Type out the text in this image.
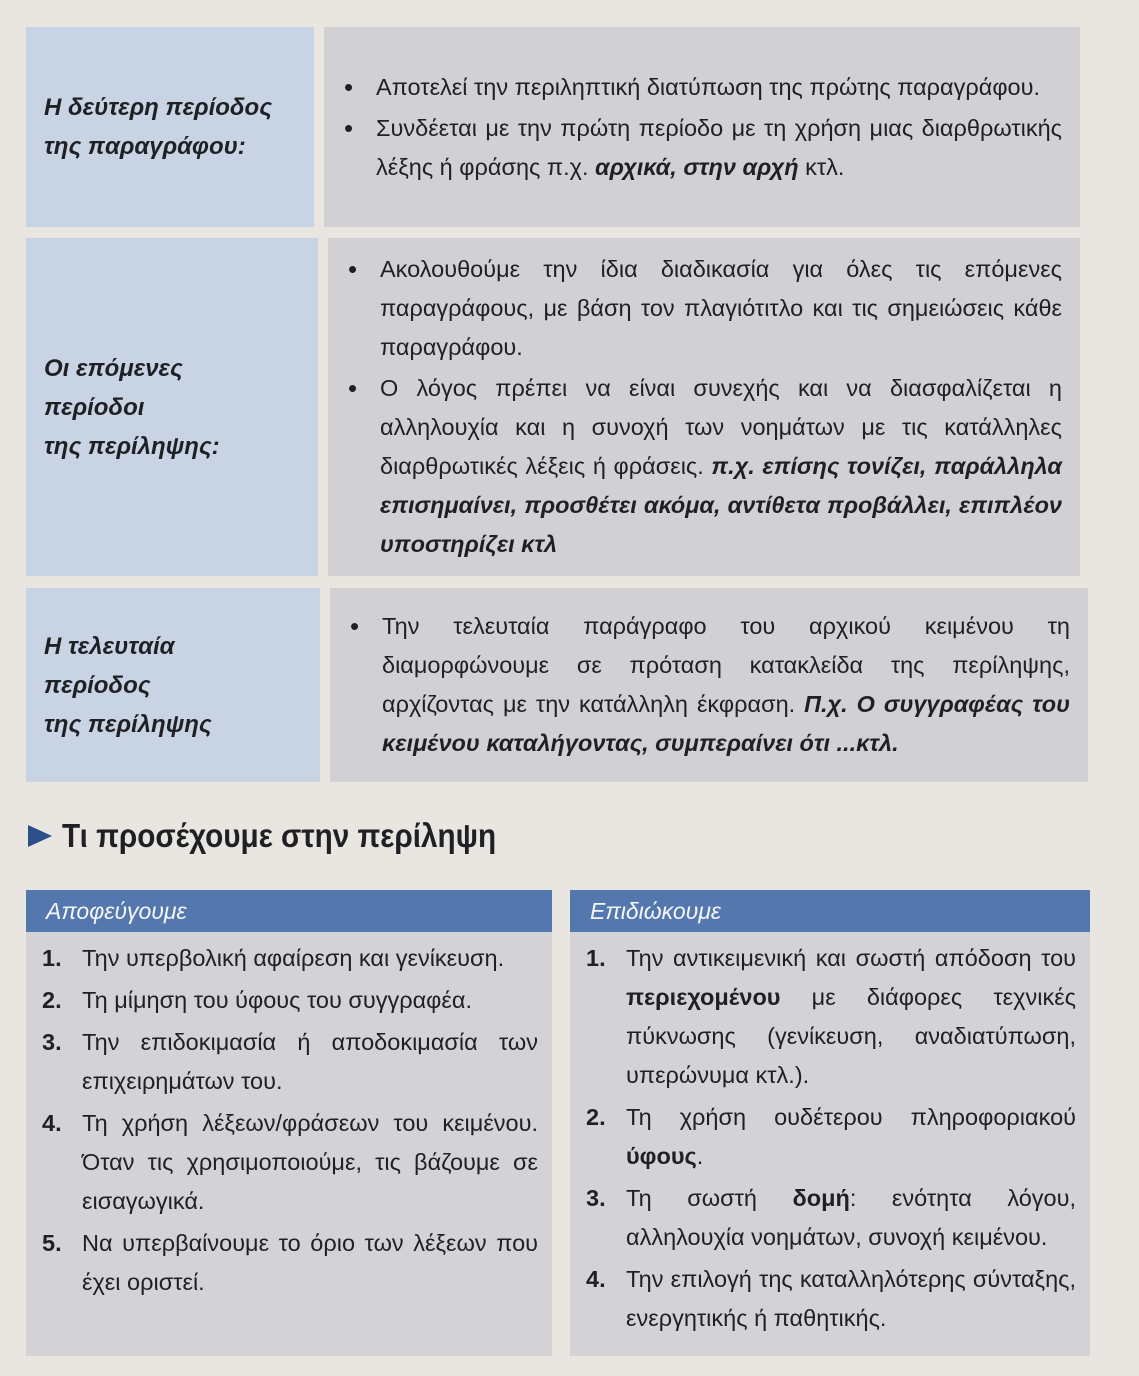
Η δεύτερη περίοδος
της παραγράφου:
• Αποτελεί την περιληπτική διατύπωση της πρώτης παραγράφου.
• Συνδέεται με την πρώτη περίοδο με τη χρήση μιας διαρθρωτικής λέξης ή φράσης π.χ. αρχικά, στην αρχή κτλ.
Οι επόμενες
περίοδοι
της περίληψης:
• Ακολουθούμε την ίδια διαδικασία για όλες τις επόμενες παραγράφους, με βάση τον πλαγιότιτλο και τις σημειώσεις κάθε παραγράφου.
• Ο λόγος πρέπει να είναι συνεχής και να διασφαλίζεται η αλληλουχία και η συνοχή των νοημάτων με τις κατάλληλες διαρθρωτικές λέξεις ή φράσεις. π.χ. επίσης τονίζει, παράλληλα επισημαίνει, προσθέτει ακόμα, αντίθετα προβάλλει, επιπλέον υποστηρίζει κτλ
Η τελευταία
περίοδος
της περίληψης
• Την τελευταία παράγραφο του αρχικού κειμένου τη διαμορφώνουμε σε πρόταση κατακλείδα της περίληψης, αρχίζοντας με την κατάλληλη έκφραση. Π.χ. Ο συγγραφέας του κειμένου καταλήγοντας, συμπεραίνει ότι ...κτλ.
Τι προσέχουμε στην περίληψη
Αποφεύγουμε
1. Την υπερβολική αφαίρεση και γενίκευση.
2. Τη μίμηση του ύφους του συγγραφέα.
3. Την επιδοκιμασία ή αποδοκιμασία των επιχειρημάτων του.
4. Τη χρήση λέξεων/φράσεων του κειμένου. Όταν τις χρησιμοποιούμε, τις βάζουμε σε εισαγωγικά.
5. Να υπερβαίνουμε το όριο των λέξεων που έχει οριστεί.
Επιδιώκουμε
1. Την αντικειμενική και σωστή απόδοση του περιεχομένου με διάφορες τεχνικές πύκνωσης (γενίκευση, αναδιατύπωση, υπερώνυμα κτλ.).
2. Τη χρήση ουδέτερου πληροφοριακού ύφους.
3. Τη σωστή δομή: ενότητα λόγου, αλληλουχία νοημάτων, συνοχή κειμένου.
4. Την επιλογή της καταλληλότερης σύνταξης, ενεργητικής ή παθητικής.
